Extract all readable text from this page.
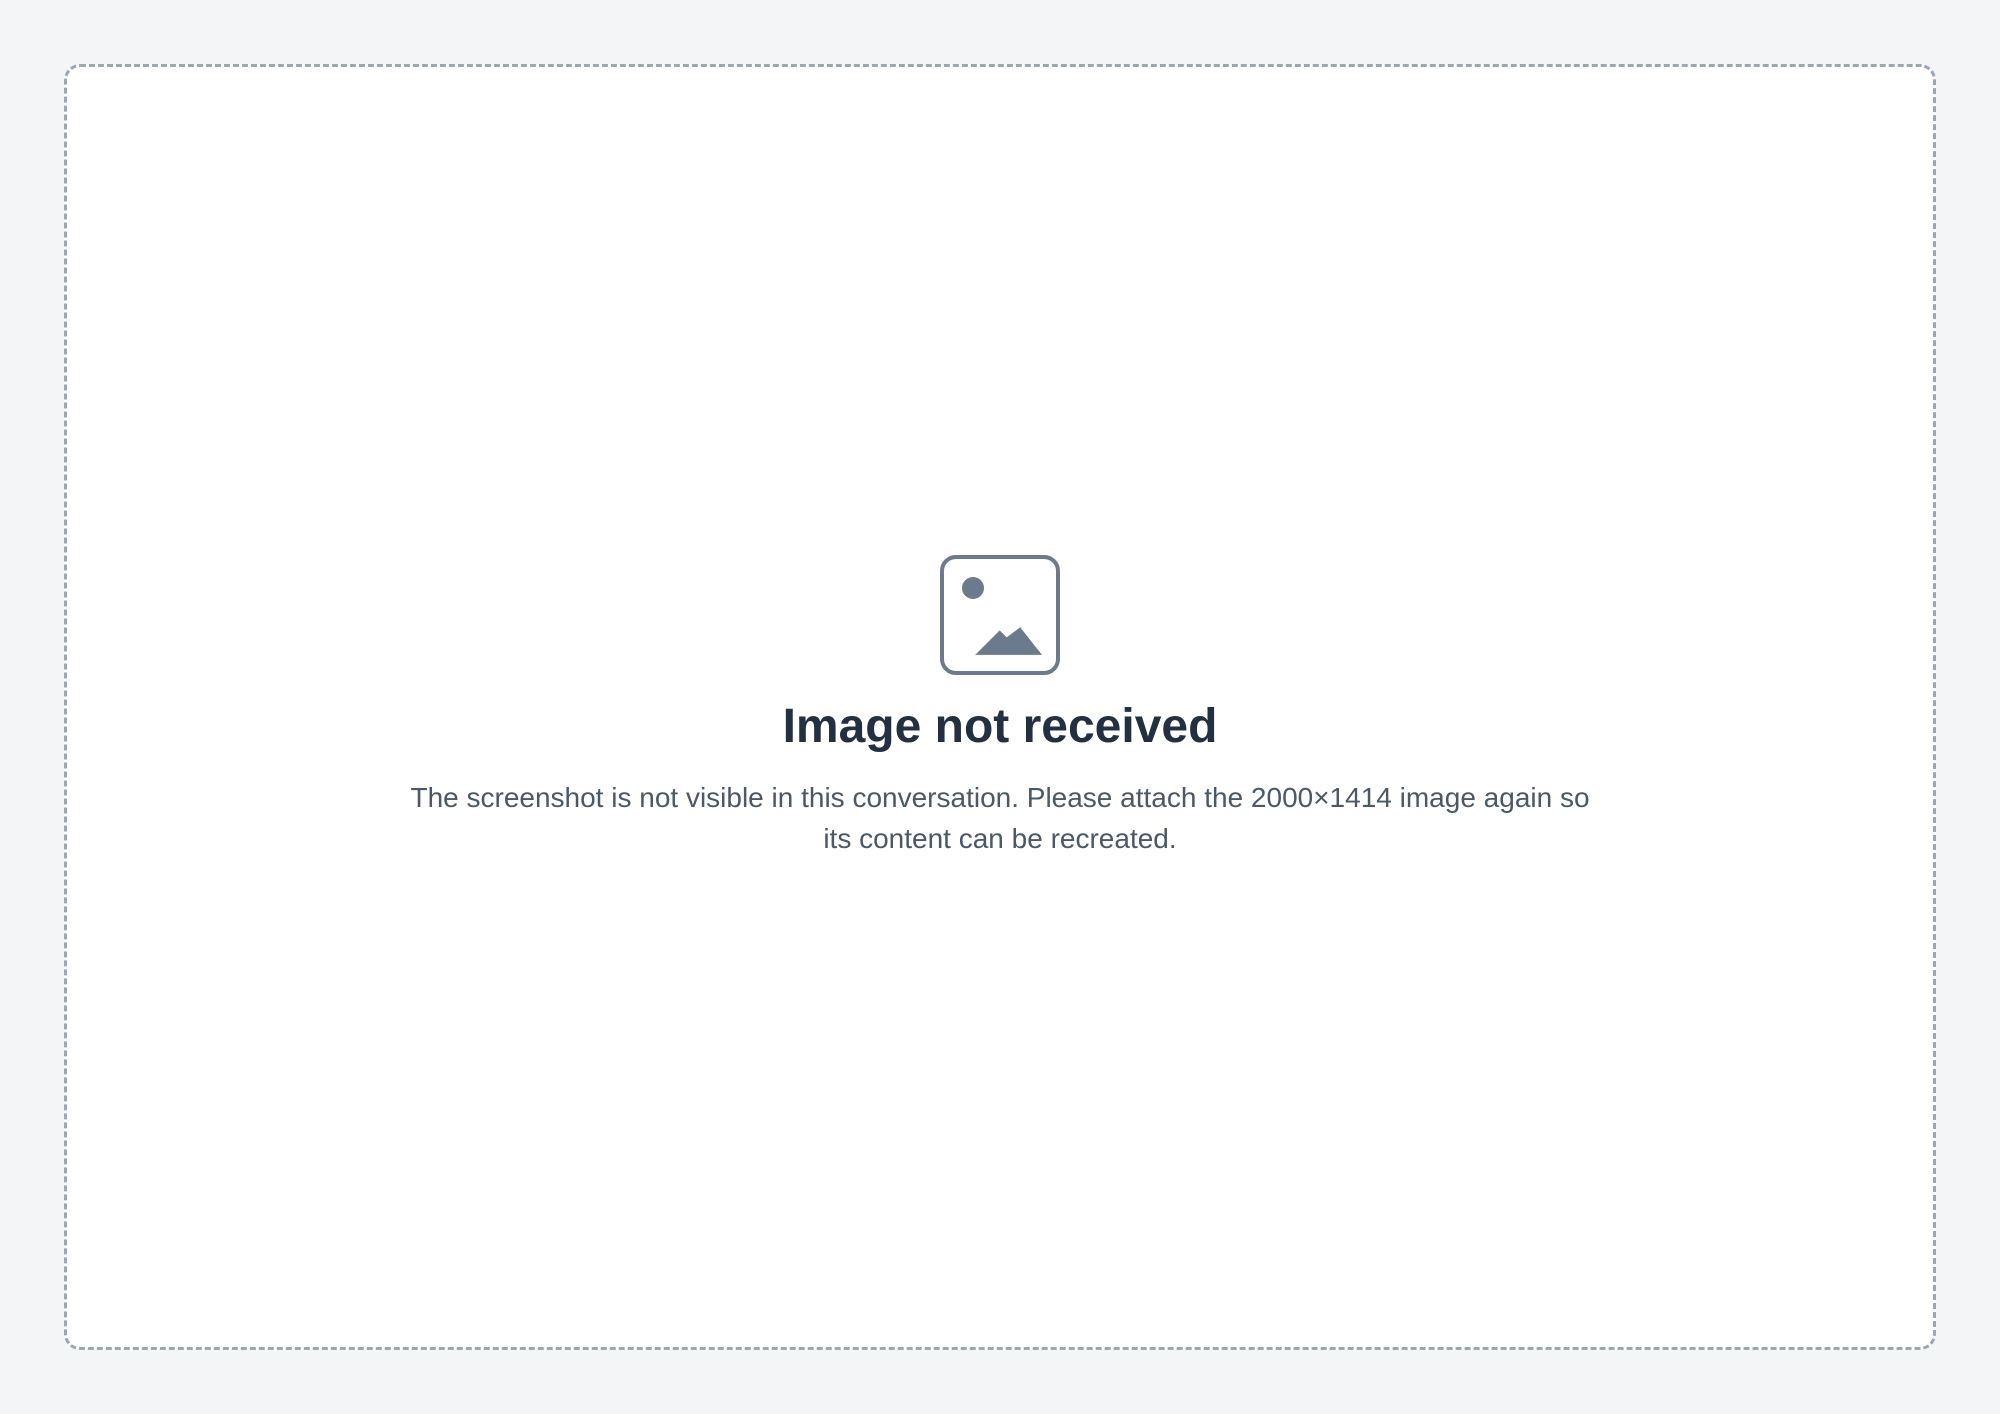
Image not received

The screenshot is not visible in this conversation. Please attach the 2000×1414 image again so its content can be recreated.
